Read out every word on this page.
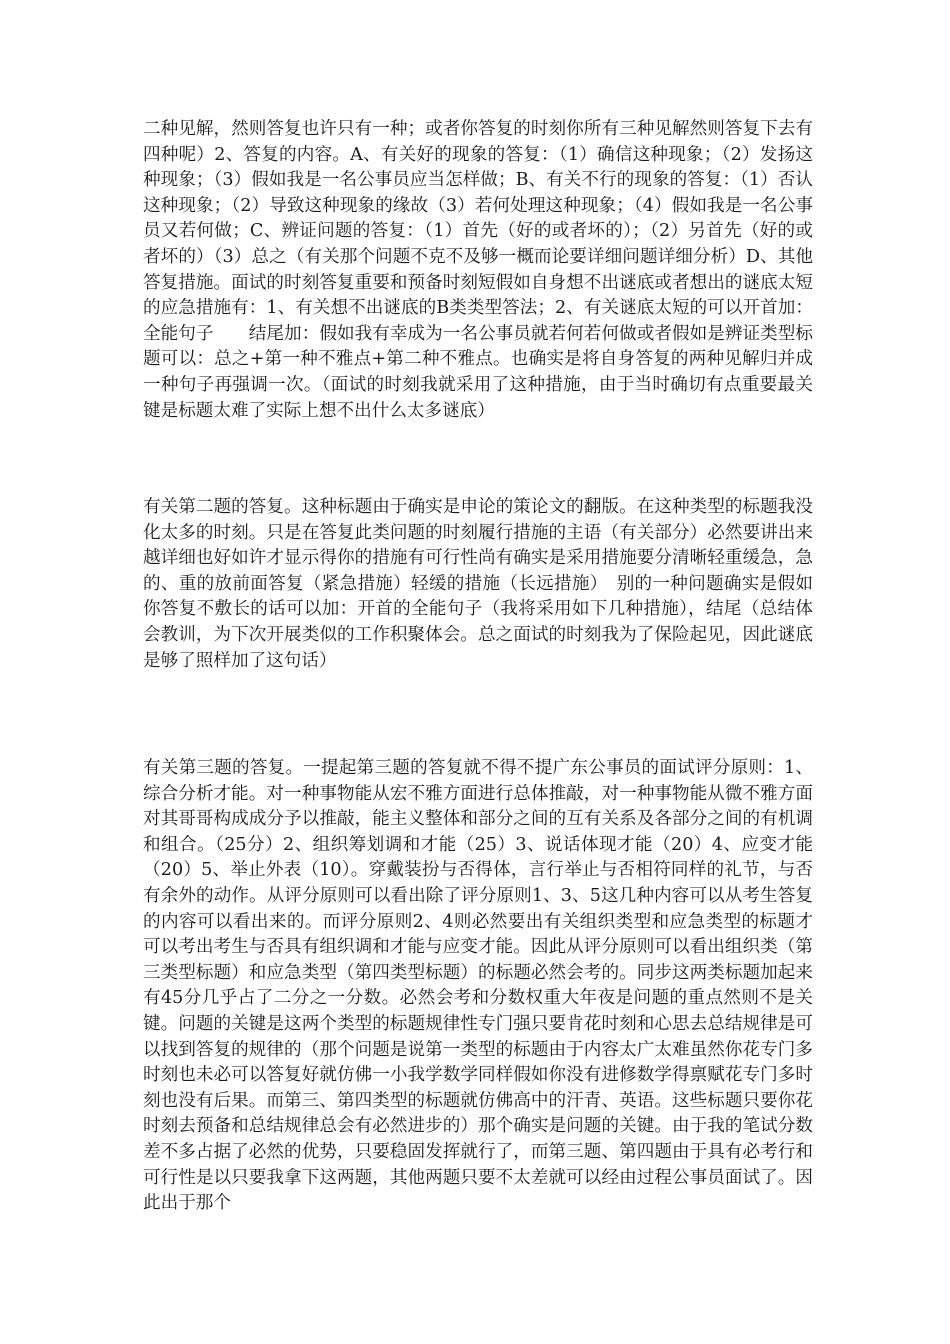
二种见解，然则答复也许只有一种；或者你答复的时刻你所有三种见解然则答复下去有四种呢）2、答复的内容。A、有关好的现象的答复：（1）确信这种现象；（2）发扬这种现象；（3）假如我是一名公事员应当怎样做；B、有关不行的现象的答复：（1）否认这种现象；（2）导致这种现象的缘故（3）若何处理这种现象；（4）假如我是一名公事员又若何做；C、辨证问题的答复：（1）首先（好的或者坏的）；（2）另首先（好的或者坏的）（3）总之（有关那个问题不克不及够一概而论要详细问题详细分析）D、其他答复措施。面试的时刻答复重要和预备时刻短假如自身想不出谜底或者想出的谜底太短的应急措施有：1、有关想不出谜底的B类类型答法；2、有关谜底太短的可以开首加：全能句子　　结尾加：假如我有幸成为一名公事员就若何若何做或者假如是辨证类型标题可以：总之+第一种不雅点+第二种不雅点。也确实是将自身答复的两种见解归并成一种句子再强调一次。（面试的时刻我就采用了这种措施，由于当时确切有点重要最关键是标题太难了实际上想不出什么太多谜底）
有关第二题的答复。这种标题由于确实是申论的策论文的翻版。在这种类型的标题我没化太多的时刻。只是在答复此类问题的时刻履行措施的主语（有关部分）必然要讲出来越详细也好如许才显示得你的措施有可行性尚有确实是采用措施要分清晰轻重缓急，急的、重的放前面答复（紧急措施）轻缓的措施（长远措施）　别的一种问题确实是假如你答复不敷长的话可以加：开首的全能句子（我将采用如下几种措施），结尾（总结体会教训，为下次开展类似的工作积聚体会。总之面试的时刻我为了保险起见，因此谜底是够了照样加了这句话）
有关第三题的答复。一提起第三题的答复就不得不提广东公事员的面试评分原则：1、综合分析才能。对一种事物能从宏不雅方面进行总体推敲，对一种事物能从微不雅方面对其哥哥构成成分予以推敲，能主义整体和部分之间的互有关系及各部分之间的有机调和组合。（25分）2、组织筹划调和才能（25）3、说话体现才能（20）4、应变才能（20）5、举止外表（10）。穿戴装扮与否得体，言行举止与否相符同样的礼节，与否有余外的动作。从评分原则可以看出除了评分原则1、3、5这几种内容可以从考生答复的内容可以看出来的。而评分原则2、4则必然要出有关组织类型和应急类型的标题才可以考出考生与否具有组织调和才能与应变才能。因此从评分原则可以看出组织类（第三类型标题）和应急类型（第四类型标题）的标题必然会考的。同步这两类标题加起来有45分几乎占了二分之一分数。必然会考和分数权重大年夜是问题的重点然则不是关键。问题的关键是这两个类型的标题规律性专门强只要肯花时刻和心思去总结规律是可以找到答复的规律的（那个问题是说第一类型的标题由于内容太广太难虽然你花专门多时刻也未必可以答复好就仿佛一小我学数学同样假如你没有进修数学得禀赋花专门多时刻也没有后果。而第三、第四类型的标题就仿佛高中的汗青、英语。这些标题只要你花时刻去预备和总结规律总会有必然进步的）那个确实是问题的关键。由于我的笔试分数差不多占据了必然的优势，只要稳固发挥就行了，而第三题、第四题由于具有必考行和可行性是以只要我拿下这两题，其他两题只要不太差就可以经由过程公事员面试了。因此出于那个
